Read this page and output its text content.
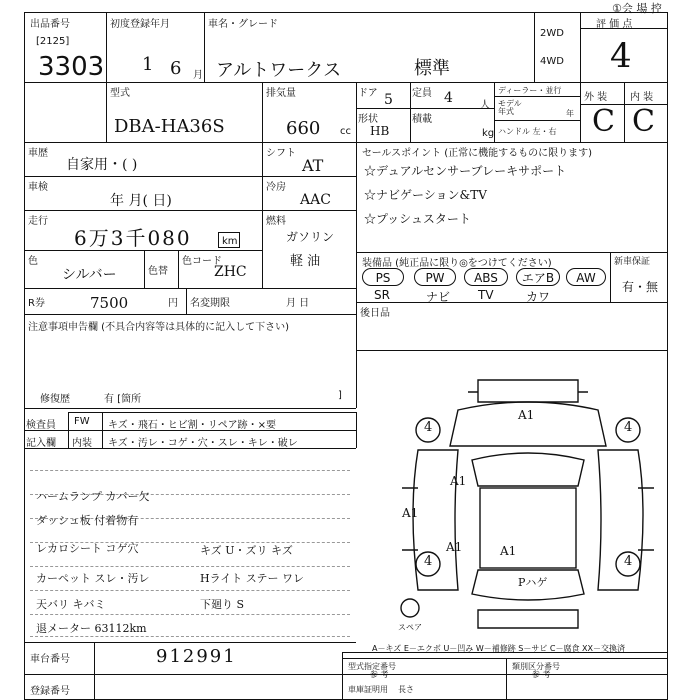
①会 場 控
出品番号
[2125]
3303
初度登録年月
1 6 月
車名・グレード
アルトワークス	標準
2WD
4WD
評 価 点
4
型式
DBA-HA36S
排気量
660 cc
ドア 5 定員 4	人
形状
HB
積載
kg
ディーラー・並行
モデル年式	年
ハンドル 左・右
外 装 内 装
C C
車歴
自家用・( )
車検
年 月( 日)
走行
6万3千080	km
色
シルバー	色替
色コード
ZHC
シフト
AT
冷房
AAC
燃料
ガソリン
軽 油
R券	7500	円 名変期限	月 日
注意事項申告欄 (不具合内容等は具体的に記入して下さい)
修復歴	有 [箇所	]
セールスポイント (正常に機能するものに限ります)
☆デュアルセンサーブレーキサポート
☆ナビゲーション&TV
☆プッシュスタート
装備品 (純正品に限り◎をつけてください)	新車保証
PS	PW	ABS	エアB	AW
SR	ナビ TV	カワ
有・無
後日品
検査員
記入欄
FW キズ・飛石・ヒビ割・リペア跡・×要
内装 キズ・汚レ・コゲ・穴・スレ・キレ・破レ
ハームランプ カバー欠
ダッシュ板 付着物有
レカロシート コゲ穴
カーペット スレ・汚レ
天バリ キバミ
退メーター 63112km
キズ U・ズリ キズ
Hライト ステー ワレ
下廻り S
A1
A1
A1
A1	A1
4	4
4	4
Pハゲ
スペア
A－キズ E－エクボ U－凹み W－補修跡 S－サビ C－腐食 XX－交換済
車台番号	912991
登録番号
型式指定番号
参 考
類別区分番号
参 考
車庫証明用 長さ
